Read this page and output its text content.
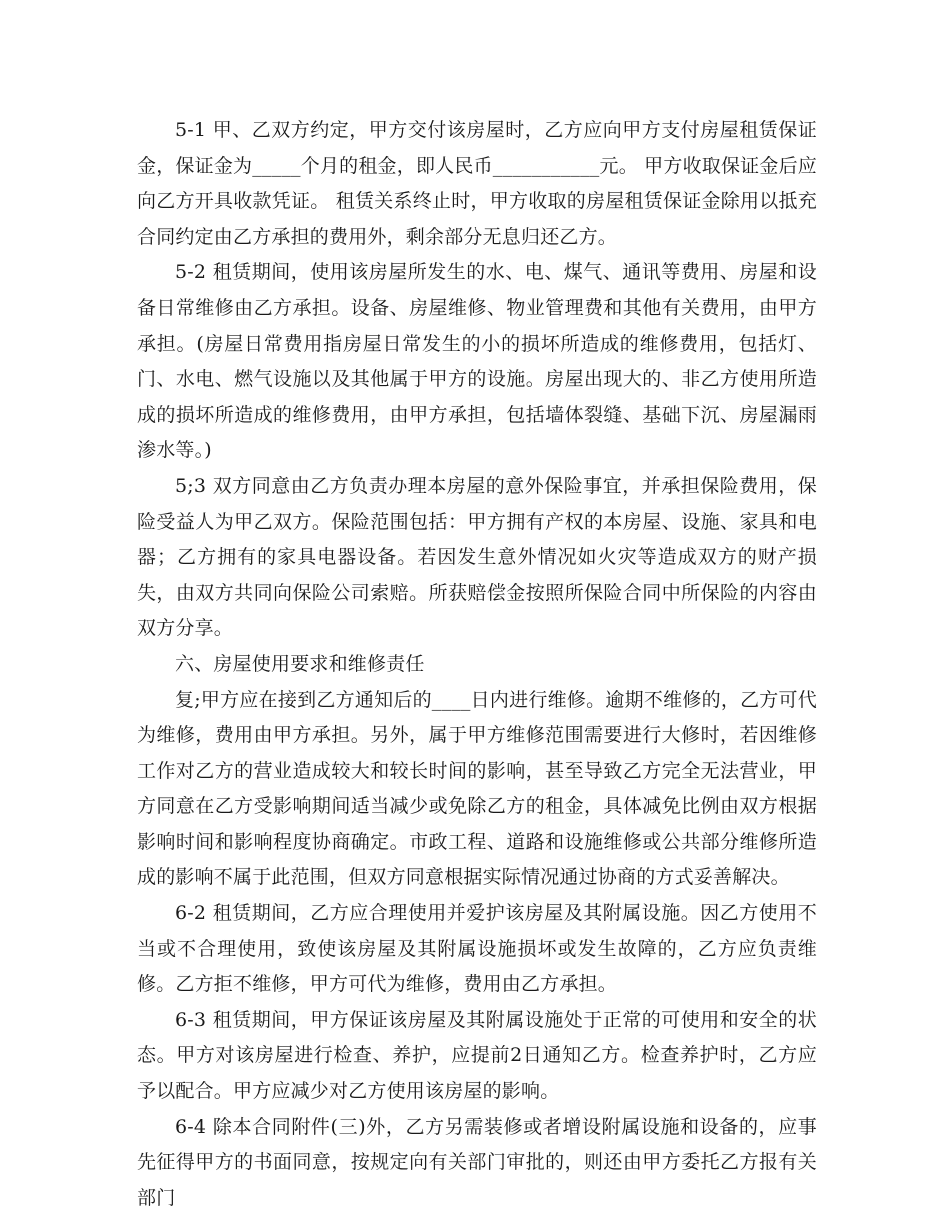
5-1 甲、乙双方约定，甲方交付该房屋时，乙方应向甲方支付房屋租赁保证金，保证金为_____个月的租金，即人民币___________元。 甲方收取保证金后应向乙方开具收款凭证。 租赁关系终止时，甲方收取的房屋租赁保证金除用以抵充合同约定由乙方承担的费用外，剩余部分无息归还乙方。

5-2 租赁期间，使用该房屋所发生的水、电、煤气、通讯等费用、房屋和设备日常维修由乙方承担。设备、房屋维修、物业管理费和其他有关费用，由甲方承担。(房屋日常费用指房屋日常发生的小的损坏所造成的维修费用，包括灯、门、水电、燃气设施以及其他属于甲方的设施。房屋出现大的、非乙方使用所造成的损坏所造成的维修费用，由甲方承担，包括墙体裂缝、基础下沉、房屋漏雨渗水等。)

5;3 双方同意由乙方负责办理本房屋的意外保险事宜，并承担保险费用，保险受益人为甲乙双方。保险范围包括：甲方拥有产权的本房屋、设施、家具和电器；乙方拥有的家具电器设备。若因发生意外情况如火灾等造成双方的财产损失，由双方共同向保险公司索赔。所获赔偿金按照所保险合同中所保险的内容由双方分享。

六、房屋使用要求和维修责任

复;甲方应在接到乙方通知后的____日内进行维修。逾期不维修的，乙方可代为维修，费用由甲方承担。另外，属于甲方维修范围需要进行大修时，若因维修工作对乙方的营业造成较大和较长时间的影响，甚至导致乙方完全无法营业，甲方同意在乙方受影响期间适当减少或免除乙方的租金，具体减免比例由双方根据影响时间和影响程度协商确定。市政工程、道路和设施维修或公共部分维修所造成的影响不属于此范围，但双方同意根据实际情况通过协商的方式妥善解决。

6-2 租赁期间，乙方应合理使用并爱护该房屋及其附属设施。因乙方使用不当或不合理使用，致使该房屋及其附属设施损坏或发生故障的，乙方应负责维修。乙方拒不维修，甲方可代为维修，费用由乙方承担。

6-3 租赁期间，甲方保证该房屋及其附属设施处于正常的可使用和安全的状态。甲方对该房屋进行检查、养护，应提前2日通知乙方。检查养护时，乙方应予以配合。甲方应减少对乙方使用该房屋的影响。

6-4 除本合同附件(三)外，乙方另需装修或者增设附属设施和设备的，应事先征得甲方的书面同意，按规定向有关部门审批的，则还由甲方委托乙方报有关部门
